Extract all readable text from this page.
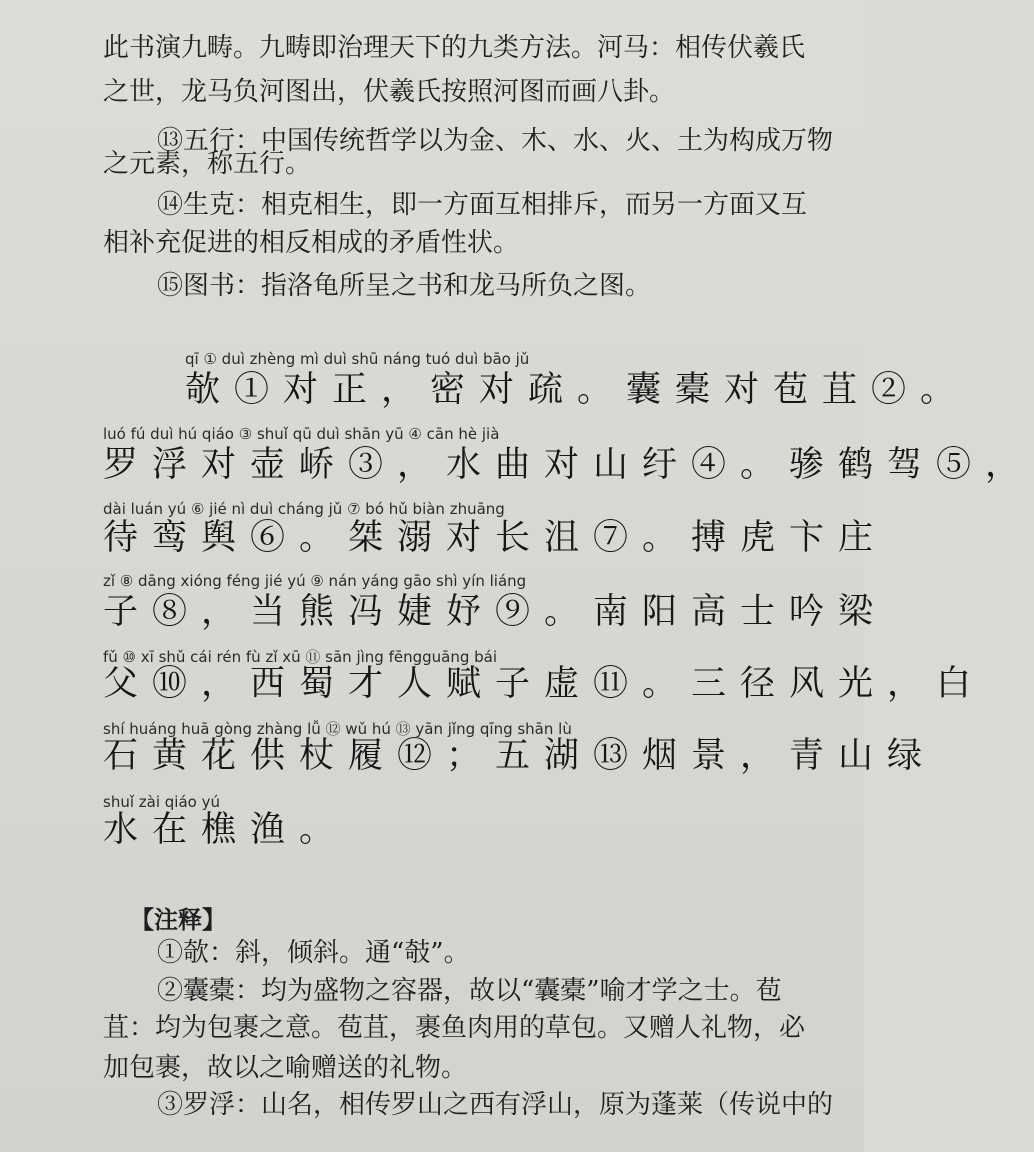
此书演九畴。九畴即治理天下的九类方法。河马：相传伏羲氏

之世，龙马负河图出，伏羲氏按照河图而画八卦。

⑬五行：中国传统哲学以为金、木、水、火、土为构成万物

之元素，称五行。

⑭生克：相克相生，即一方面互相排斥，而另一方面又互

相补充促进的相反相成的矛盾性状。

⑮图书：指洛龟所呈之书和龙马所负之图。

qī ① duì zhèng mì duì shū náng tuó duì bāo jǔ
欹①对正，密对疏。囊橐对苞苴②。
luó fú duì hú qiáo ③ shuǐ qū duì shān yū ④ cān hè jià
罗浮对壶峤③，水曲对山纡④。骖鹤驾⑤，
dài luán yú ⑥ jié nì duì cháng jǔ ⑦ bó hǔ biàn zhuāng
待鸾舆⑥。桀溺对长沮⑦。搏虎卞庄
zǐ ⑧ dāng xióng féng jié yú ⑨ nán yáng gāo shì yín liáng
子⑧，当熊冯婕妤⑨。南阳高士吟梁
fǔ ⑩ xī shǔ cái rén fù zǐ xū ⑪ sān jìng fēngguāng bái
父⑩，西蜀才人赋子虚⑪。三径风光，白
shí huáng huā gòng zhàng lǚ ⑫ wǔ hú ⑬ yān jǐng qīng shān lù
石黄花供杖履⑫；五湖⑬烟景，青山绿
shuǐ zài qiáo yú
水在樵渔。
【注释】

①欹：斜，倾斜。通“攲”。

②囊橐：均为盛物之容器，故以“囊橐”喻才学之士。苞

苴：均为包裹之意。苞苴，裹鱼肉用的草包。又赠人礼物，必

加包裹，故以之喻赠送的礼物。

③罗浮：山名，相传罗山之西有浮山，原为蓬莱（传说中的
